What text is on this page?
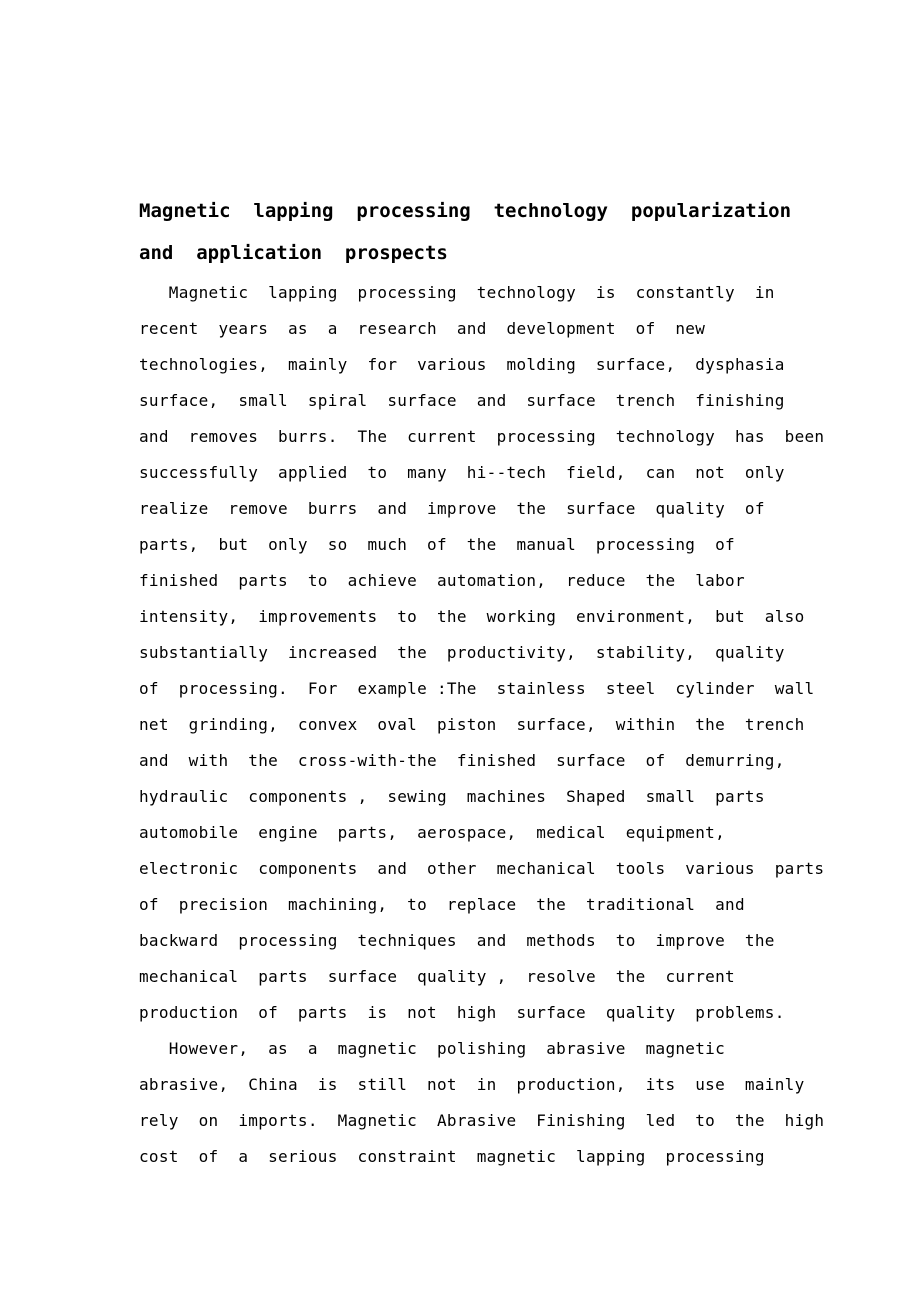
Magnetic  lapping  processing  technology  popularization
and  application  prospects
Magnetic  lapping  processing  technology  is  constantly  in
recent  years  as  a  research  and  development  of  new
technologies,  mainly  for  various  molding  surface,  dysphasia
surface,  small  spiral  surface  and  surface  trench  finishing
and  removes  burrs.  The  current  processing  technology  has  been
successfully  applied  to  many  hi--tech  field,  can  not  only
realize  remove  burrs  and  improve  the  surface  quality  of
parts,  but  only  so  much  of  the  manual  processing  of
finished  parts  to  achieve  automation,  reduce  the  labor
intensity,  improvements  to  the  working  environment,  but  also
substantially  increased  the  productivity,  stability,  quality
of  processing.  For  example :The  stainless  steel  cylinder  wall
net  grinding,  convex  oval  piston  surface,  within  the  trench
and  with  the  cross-with-the  finished  surface  of  demurring,
hydraulic  components ,  sewing  machines  Shaped  small  parts
automobile  engine  parts,  aerospace,  medical  equipment,
electronic  components  and  other  mechanical  tools  various  parts
of  precision  machining,  to  replace  the  traditional  and
backward  processing  techniques  and  methods  to  improve  the
mechanical  parts  surface  quality ,  resolve  the  current
production  of  parts  is  not  high  surface  quality  problems.
However,  as  a  magnetic  polishing  abrasive  magnetic
abrasive,  China  is  still  not  in  production,  its  use  mainly
rely  on  imports.  Magnetic  Abrasive  Finishing  led  to  the  high
cost  of  a  serious  constraint  magnetic  lapping  processing
